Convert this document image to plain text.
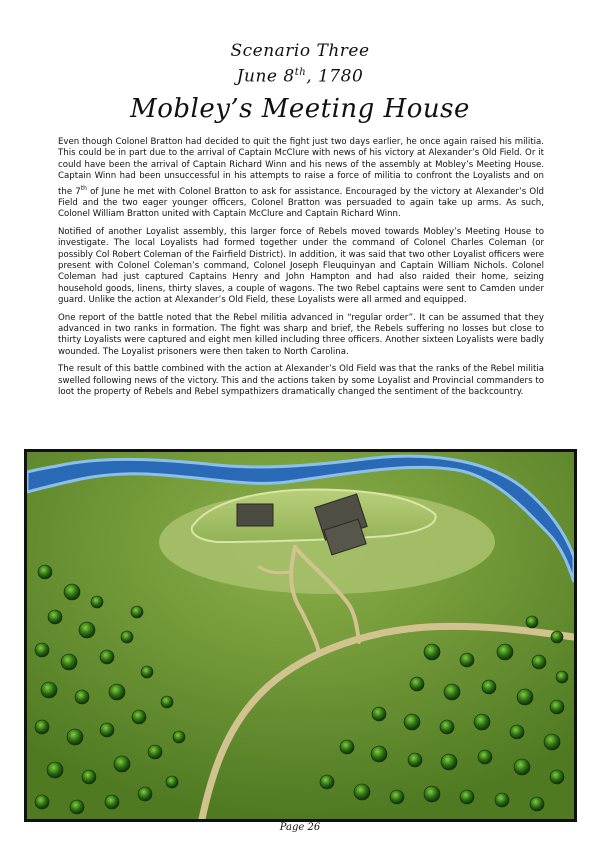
Scenario Three
June 8th, 1780
Mobley’s Meeting House

Even though Colonel Bratton had decided to quit the fight just two days earlier, he once again raised his militia. This could be in part due to the arrival of Captain McClure with news of his victory at Alexander’s Old Field. Or it could have been the arrival of Captain Richard Winn and his news of the assembly at Mobley’s Meeting House. Captain Winn had been unsuccessful in his attempts to raise a force of militia to confront the Loyalists and on the 7th of June he met with Colonel Bratton to ask for assistance. Encouraged by the victory at Alexander’s Old Field and the two eager younger officers, Colonel Bratton was persuaded to again take up arms. As such, Colonel William Bratton united with Captain McClure and Captain Richard Winn.

Notified of another Loyalist assembly, this larger force of Rebels moved towards Mobley’s Meeting House to investigate. The local Loyalists had formed together under the command of Colonel Charles Coleman (or possibly Col Robert Coleman of the Fairfield District). In addition, it was said that two other Loyalist officers were present with Colonel Coleman’s command, Colonel Joseph Fleuquinyan and Captain William Nichols. Colonel Coleman had just captured Captains Henry and John Hampton and had also raided their home, seizing household goods, linens, thirty slaves, a couple of wagons. The two Rebel captains were sent to Camden under guard. Unlike the action at Alexander’s Old Field, these Loyalists were all armed and equipped.

One report of the battle noted that the Rebel militia advanced in “regular order”. It can be assumed that they advanced in two ranks in formation. The fight was sharp and brief, the Rebels suffering no losses but close to thirty Loyalists were captured and eight men killed including three officers. Another sixteen Loyalists were badly wounded. The Loyalist prisoners were then taken to North Carolina.

The result of this battle combined with the action at Alexander’s Old Field was that the ranks of the Rebel militia swelled following news of the victory. This and the actions taken by some Loyalist and Provincial commanders to loot the property of Rebels and Rebel sympathizers dramatically changed the sentiment of the backcountry.

Page 26
